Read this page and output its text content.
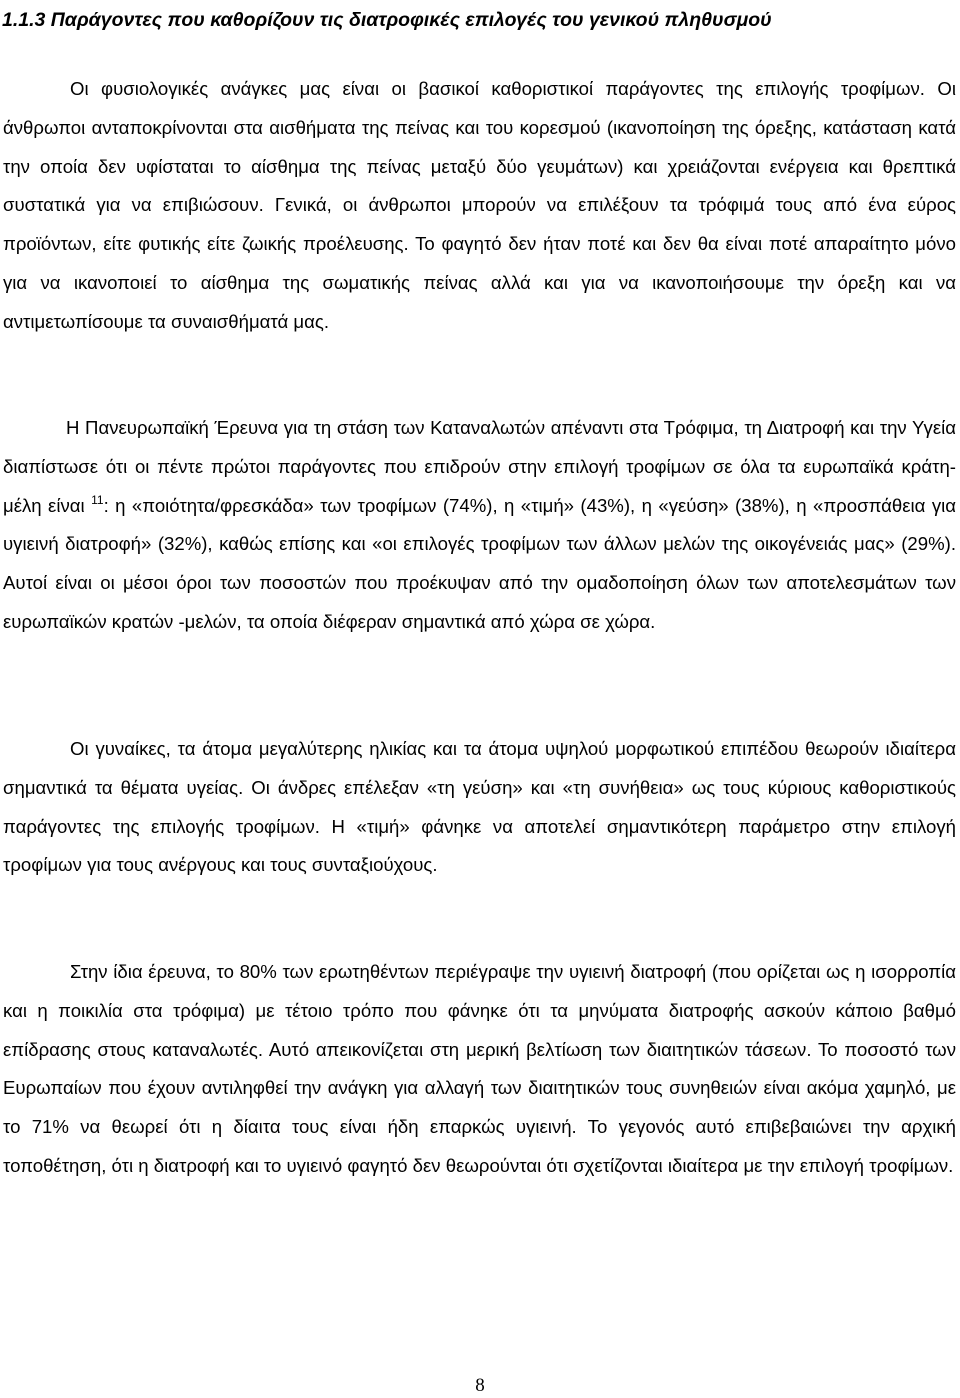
1.1.3 Παράγοντες που καθορίζουν τις διατροφικές επιλογές του γενικού πληθυσμού

Οι φυσιολογικές ανάγκες μας είναι οι βασικοί καθοριστικοί παράγοντες της επιλογής τροφίμων. Οι άνθρωποι ανταποκρίνονται στα αισθήματα της πείνας και του κορεσμού (ικανοποίηση της όρεξης, κατάσταση κατά την οποία δεν υφίσταται το αίσθημα της πείνας μεταξύ δύο γευμάτων) και χρειάζονται ενέργεια και θρεπτικά συστατικά για να επιβιώσουν. Γενικά, οι άνθρωποι μπορούν να επιλέξουν τα τρόφιμά τους από ένα εύρος προϊόντων, είτε φυτικής είτε ζωικής προέλευσης. Το φαγητό δεν ήταν ποτέ και δεν θα είναι ποτέ απαραίτητο μόνο για να ικανοποιεί το αίσθημα της σωματικής πείνας αλλά και για να ικανοποιήσουμε την όρεξη και να αντιμετωπίσουμε τα συναισθήματά μας.

Η Πανευρωπαϊκή Έρευνα για τη στάση των Καταναλωτών απέναντι στα Τρόφιμα, τη Διατροφή και την Υγεία διαπίστωσε ότι οι πέντε πρώτοι παράγοντες που επιδρούν στην επιλογή τροφίμων σε όλα τα ευρωπαϊκά κράτη-μέλη είναι $^{11}$: η «ποιότητα/φρεσκάδα» των τροφίμων (74%), η «τιμή» (43%), η «γεύση» (38%), η «προσπάθεια για υγιεινή διατροφή» (32%), καθώς επίσης και «οι επιλογές τροφίμων των άλλων μελών της οικογένειάς μας» (29%). Αυτοί είναι οι μέσοι όροι των ποσοστών που προέκυψαν από την ομαδοποίηση όλων των αποτελεσμάτων των ευρωπαϊκών κρατών -μελών, τα οποία διέφεραν σημαντικά από χώρα σε χώρα.

Οι γυναίκες, τα άτομα μεγαλύτερης ηλικίας και τα άτομα υψηλού μορφωτικού επιπέδου θεωρούν ιδιαίτερα σημαντικά τα θέματα υγείας. Οι άνδρες επέλεξαν «τη γεύση» και «τη συνήθεια» ως τους κύριους καθοριστικούς παράγοντες της επιλογής τροφίμων. Η «τιμή» φάνηκε να αποτελεί σημαντικότερη παράμετρο στην επιλογή τροφίμων για τους ανέργους και τους συνταξιούχους.

Στην ίδια έρευνα, το 80% των ερωτηθέντων περιέγραψε την υγιεινή διατροφή (που ορίζεται ως η ισορροπία και η ποικιλία στα τρόφιμα) με τέτοιο τρόπο που φάνηκε ότι τα μηνύματα διατροφής ασκούν κάποιο βαθμό επίδρασης στους καταναλωτές. Αυτό απεικονίζεται στη μερική βελτίωση των διαιτητικών τάσεων. Το ποσοστό των Ευρωπαίων που έχουν αντιληφθεί την ανάγκη για αλλαγή των διαιτητικών τους συνηθειών είναι ακόμα χαμηλό, με το 71% να θεωρεί ότι η δίαιτα τους είναι ήδη επαρκώς υγιεινή. Το γεγονός αυτό επιβεβαιώνει την αρχική τοποθέτηση, ότι η διατροφή και το υγιεινό φαγητό δεν θεωρούνται ότι σχετίζονται ιδιαίτερα με την επιλογή τροφίμων.

8
